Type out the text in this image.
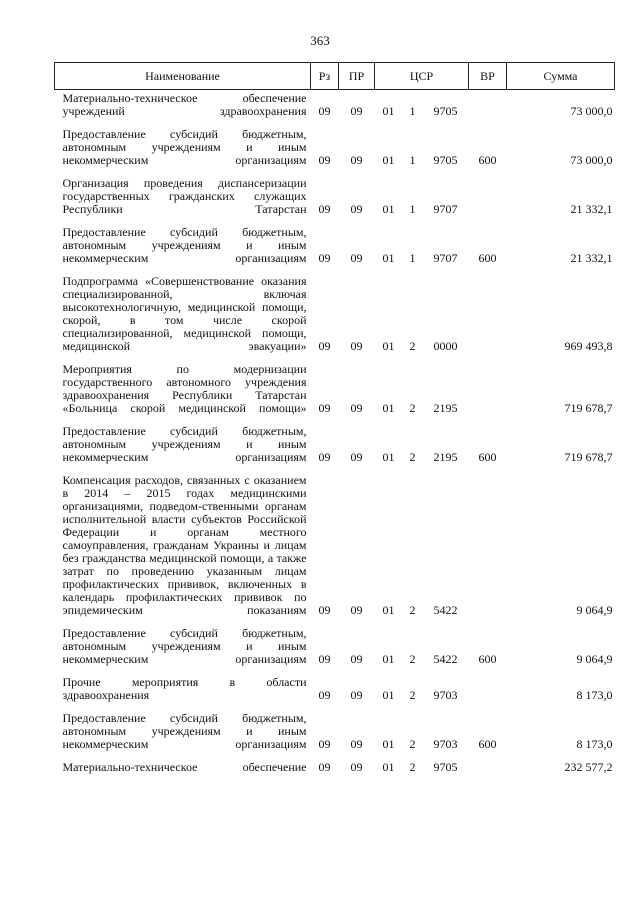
363
Наименование	Рз	ПР	ЦСР			ВР	Сумма

Материально-техническое обеспечение учреждений здравоохранения	09	09	01	1	9705		73 000,0

Предоставление субсидий бюджетным, автономным учреждениям и иным некоммерческим организациям	09	09	01	1	9705	600	73 000,0

Организация проведения диспансеризации государственных гражданских служащих Республики Татарстан	09	09	01	1	9707		21 332,1

Предоставление субсидий бюджетным, автономным учреждениям и иным некоммерческим организациям	09	09	01	1	9707	600	21 332,1

Подпрограмма «Совершенствование оказания специализированной, включая высокотехнологичную, медицинской помощи, скорой, в том числе скорой специализированной, медицинской помощи, медицинской эвакуации»	09	09	01	2	0000		969 493,8

Мероприятия по модернизации государственного автономного учреждения здравоохранения Республики Татарстан «Больница скорой медицинской помощи»	09	09	01	2	2195		719 678,7

Предоставление субсидий бюджетным, автономным учреждениям и иным некоммерческим организациям	09	09	01	2	2195	600	719 678,7

Компенсация расходов, связанных с оказанием в 2014 – 2015 годах медицинскими организациями, подведом-ственными органам исполнительной власти субъектов Российской Федерации и органам местного самоуправления, гражданам Украины и лицам без гражданства медицинской помощи, а также затрат по проведению указанным лицам профилактических прививок, включенных в календарь профилактических прививок по эпидемическим показаниям	09	09	01	2	5422		9 064,9

Предоставление субсидий бюджетным, автономным учреждениям и иным некоммерческим организациям	09	09	01	2	5422	600	9 064,9

Прочие мероприятия в области здравоохранения	09	09	01	2	9703		8 173,0

Предоставление субсидий бюджетным, автономным учреждениям и иным некоммерческим организациям	09	09	01	2	9703	600	8 173,0

Материально-техническое обеспечение	09	09	01	2	9705		232 577,2
